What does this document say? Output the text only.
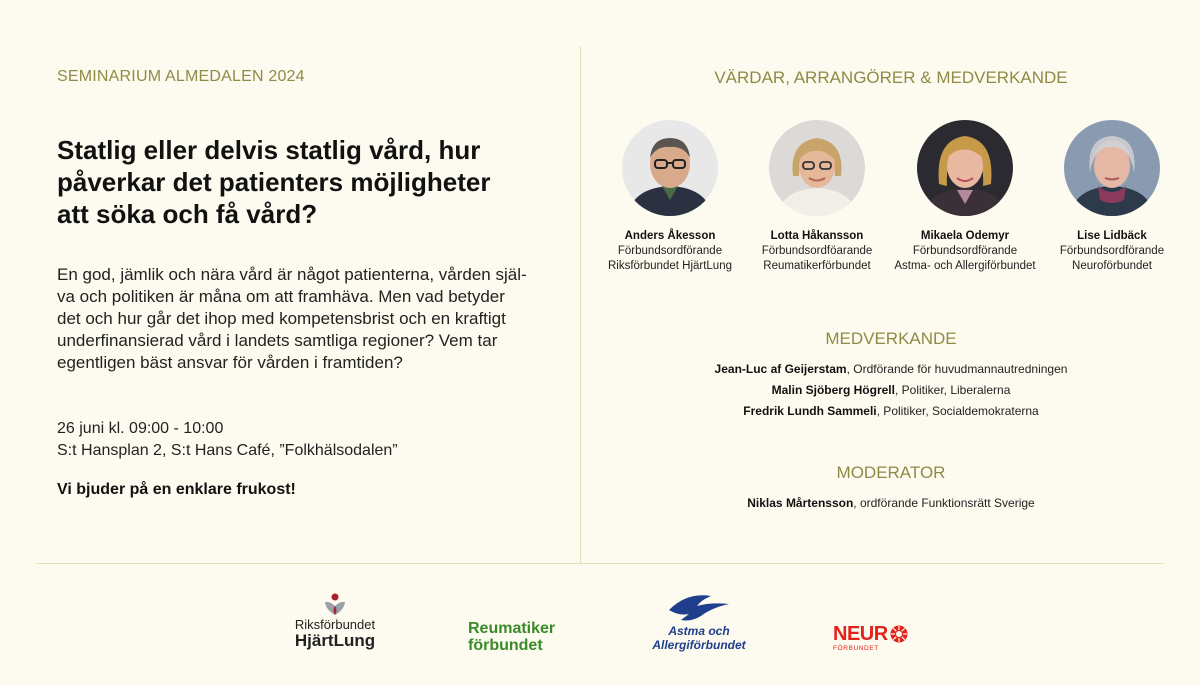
SEMINARIUM ALMEDALEN 2024
Statlig eller delvis statlig vård, hur påverkar det patienters möjligheter att söka och få vård?
En god, jämlik och nära vård är något patienterna, vården själ-
va och politiken är måna om att framhäva. Men vad betyder
det och hur går det ihop med kompetensbrist och en kraftigt
underfinansierad vård i landets samtliga regioner? Vem tar
egentligen bäst ansvar för vården i framtiden?
26 juni kl. 09:00 - 10:00
S:t Hansplan 2, S:t Hans Café, ”Folkhälsodalen”
Vi bjuder på en enklare frukost!
VÄRDAR, ARRANGÖRER & MEDVERKANDE
Anders Åkesson
Förbundsordförande
Riksförbundet HjärtLung
Lotta Håkansson
Förbundsordföarande
Reumatikerförbundet
Mikaela Odemyr
Förbundsordförande
Astma- och Allergiförbundet
Lise Lidbäck
Förbundsordförande
Neuroförbundet
MEDVERKANDE
Jean-Luc af Geijerstam, Ordförande för huvudmannautredningen
Malin Sjöberg Högrell, Politiker, Liberalerna
Fredrik Lundh Sammeli, Politiker, Socialdemokraterna
MODERATOR
Niklas Mårtensson, ordförande Funktionsrätt Sverige
Riksförbundet
HjärtLung
Reumatiker
förbundet
Astma och
Allergiförbundet	NEUR
FÖRBUNDET
